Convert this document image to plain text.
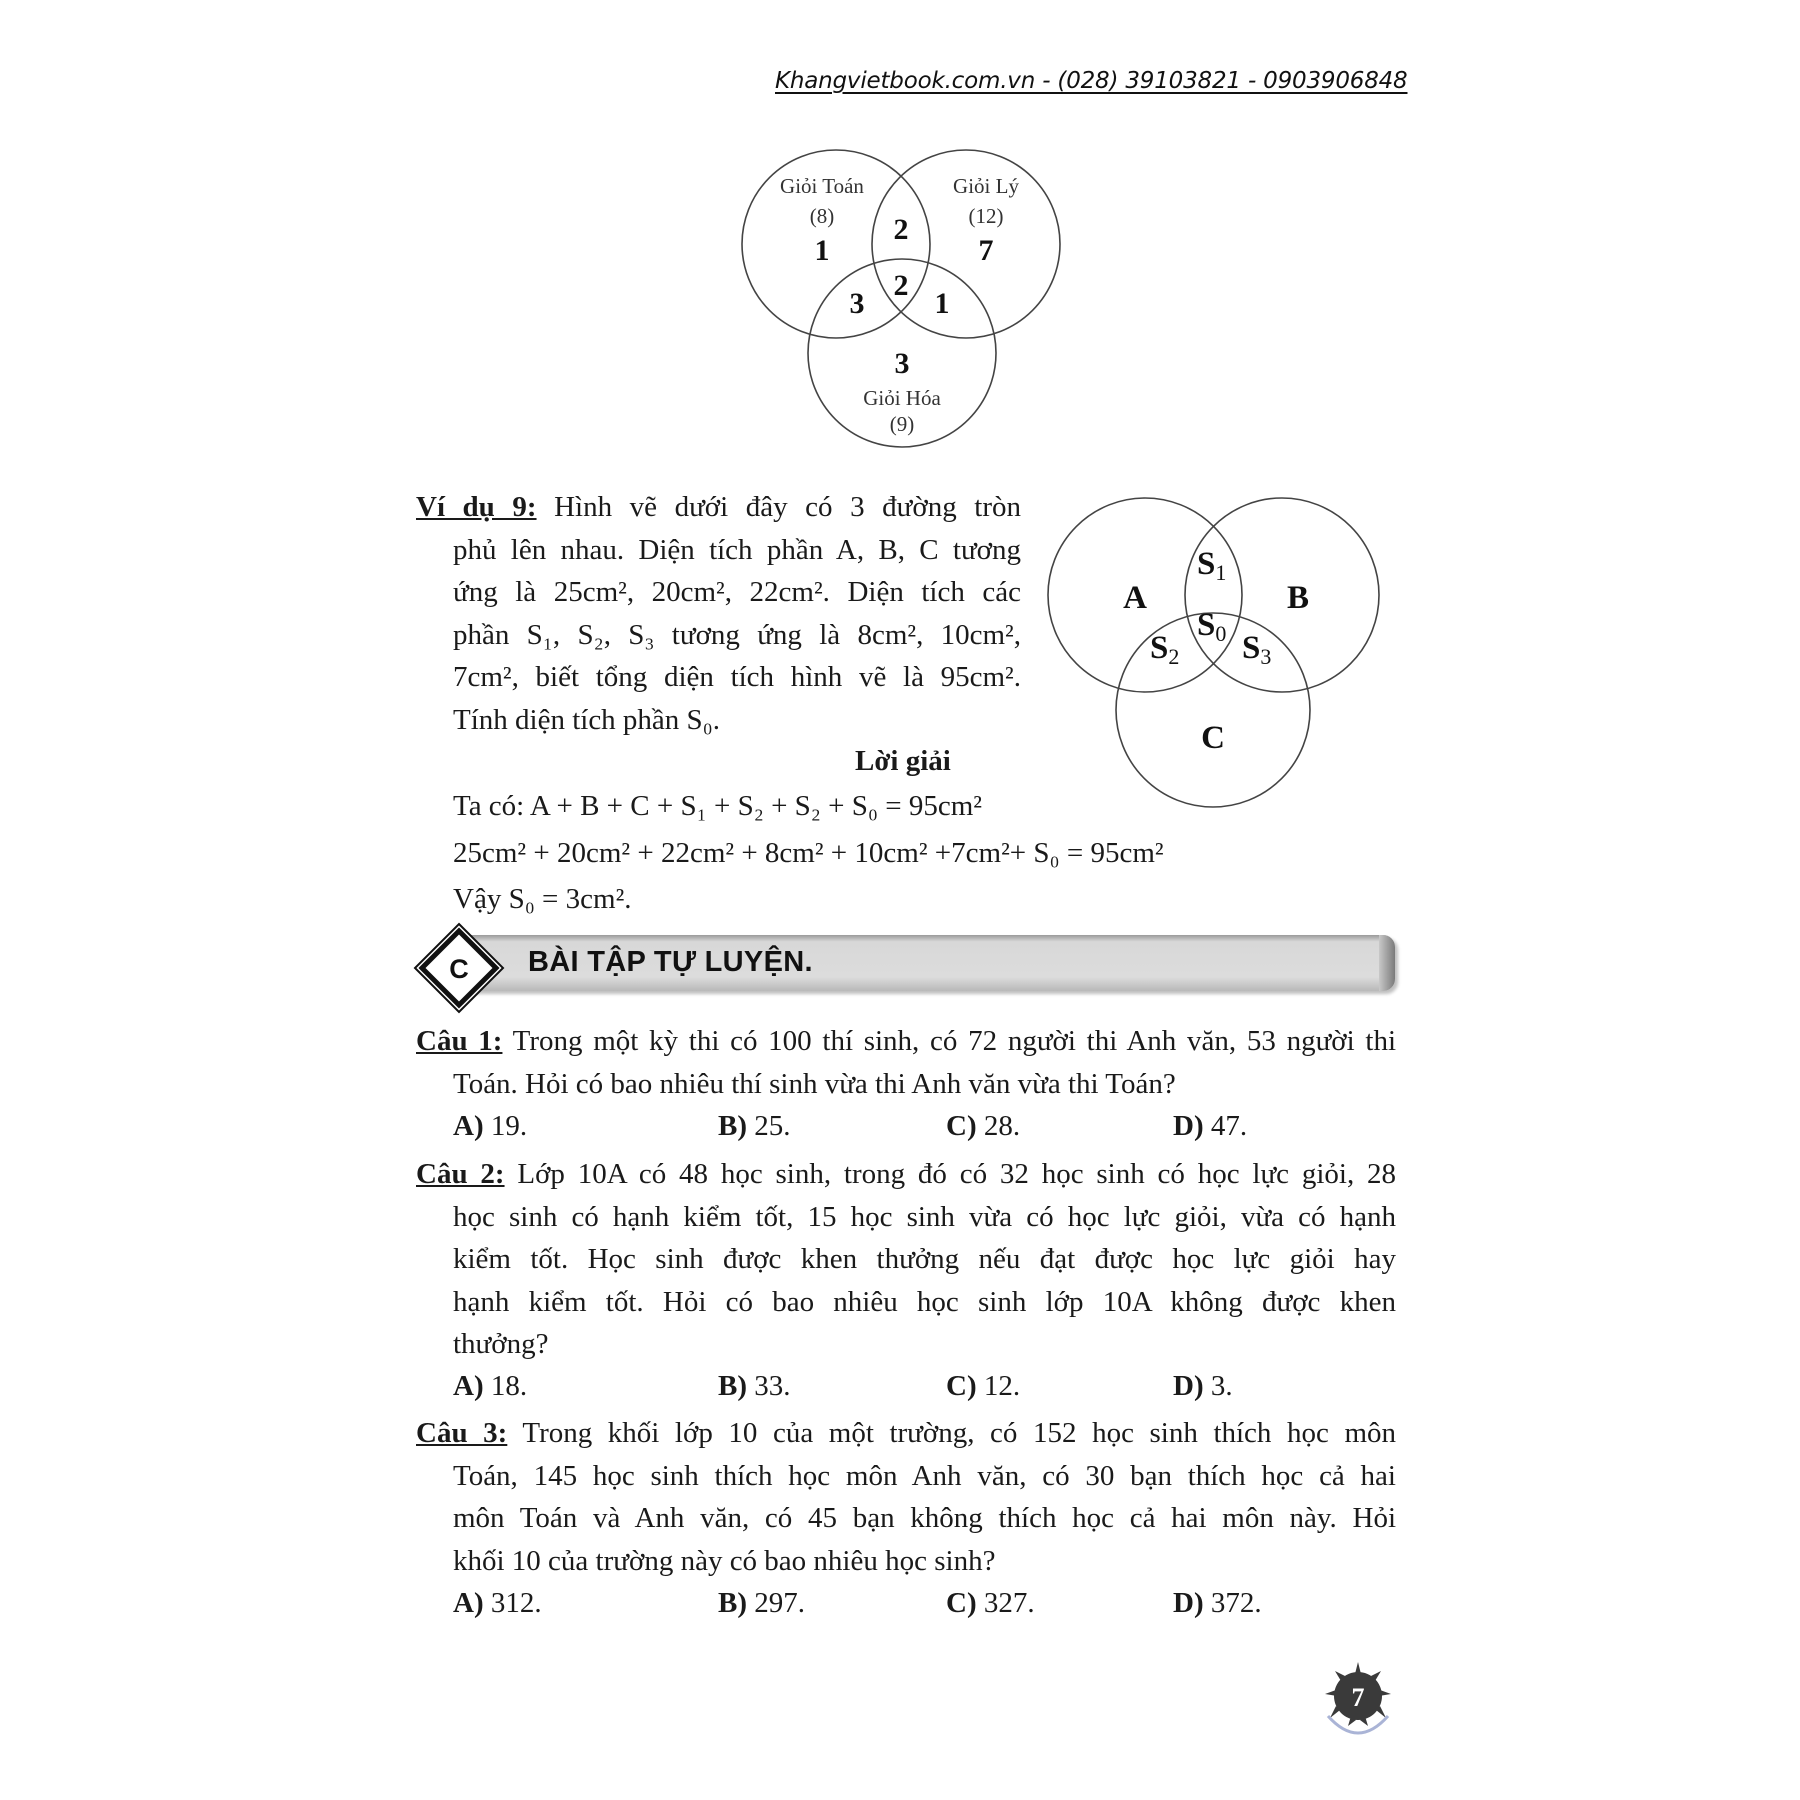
Khangvietbook.com.vn - (028) 39103821 - 0903906848
Giỏi Toán
(8)
1
Giỏi Lý
(12)
7
2
2
3 1
3
Giỏi Hóa
(9)
Ví dụ 9: Hình vẽ dưới đây có 3 đường tròn
phủ lên nhau. Diện tích phần A, B, C tương
ứng là 25cm², 20cm², 22cm². Diện tích các
phần S₁, S₂, S₃ tương ứng là 8cm², 10cm²,
7cm², biết tổng diện tích hình vẽ là 95cm².
Tính diện tích phần S₀.
A	B
C
S1
S0
S2 S3
Lời giải
Ta có: A + B + C + S₁ + S₂ + S₂ + S₀ = 95cm²
25cm² + 20cm² + 22cm² + 8cm² + 10cm² +7cm²+ S₀ = 95cm²
Vậy S₀ = 3cm².
C BÀI TẬP TỰ LUYỆN.
Câu 1: Trong một kỳ thi có 100 thí sinh, có 72 người thi Anh văn, 53 người thi
Toán. Hỏi có bao nhiêu thí sinh vừa thi Anh văn vừa thi Toán?
A) 19.	B) 25.	C) 28.	D) 47.
Câu 2: Lớp 10A có 48 học sinh, trong đó có 32 học sinh có học lực giỏi, 28
học sinh có hạnh kiểm tốt, 15 học sinh vừa có học lực giỏi, vừa có hạnh
kiểm tốt. Học sinh được khen thưởng nếu đạt được học lực giỏi hay
hạnh kiểm tốt. Hỏi có bao nhiêu học sinh lớp 10A không được khen
thưởng?
A) 18.	B) 33.	C) 12.	D) 3.
Câu 3: Trong khối lớp 10 của một trường, có 152 học sinh thích học môn
Toán, 145 học sinh thích học môn Anh văn, có 30 bạn thích học cả hai
môn Toán và Anh văn, có 45 bạn không thích học cả hai môn này. Hỏi
khối 10 của trường này có bao nhiêu học sinh?
A) 312.	B) 297.	C) 327.	D) 372.
7
